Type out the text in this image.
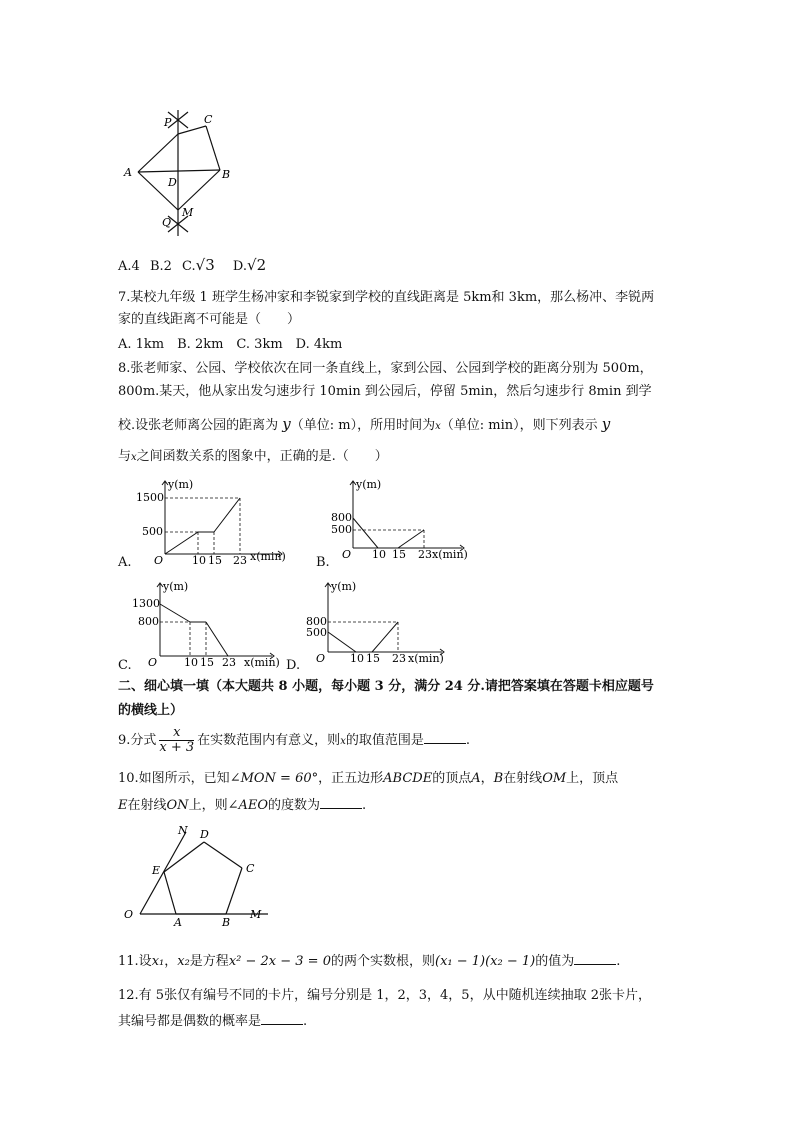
P	C
A
D
B
M
Q
A.4 B.2 C.√3 D.√2
7.某校九年级 1 班学生杨冲家和李锐家到学校的直线距离是 5km和 3km，那么杨冲、李锐两
家的直线距离不可能是（　　）
A. 1km　B. 2km　C. 3km　D. 4km
8.张老师家、公园、学校依次在同一条直线上，家到公园、公园到学校的距离分别为 500m，
800m.某天，他从家出发匀速步行 10min 到公园后，停留 5min，然后匀速步行 8min 到学
校.设张老师离公园的距离为 y（单位: m），所用时间为x（单位: min），则下列表示 y
与x之间函数关系的图象中，正确的是.（　　）
A.
y(m)
1500
500
O	10 15 23 x(min) B.
y(m)
800
500
O 10 15 23 x(min)
C.
y(m)
1300
800
O 10 15 23 x(min) D.
y(m)
800
500
O 10 15 23 x(min)
二、细心填一填（本大题共 8 小题，每小题 3 分，满分 24 分.请把答案填在答题卡相应题号
的横线上）
9.分式 $\frac{x}{x + 3}$ 在实数范围内有意义，则x的取值范围是	.
10.如图所示，已知∠MON = 60°，正五边形ABCDE的顶点A，B在射线OM上，顶点
E在射线ON上，则∠AEO的度数为	.
N D
E	C
O
A	B
M
11.设x₁，x₂是方程x² − 2x − 3 = 0的两个实数根，则(x₁ − 1)(x₂ − 1)的值为	.
12.有 5张仅有编号不同的卡片，编号分别是 1，2，3，4，5，从中随机连续抽取 2张卡片，
其编号都是偶数的概率是	.
